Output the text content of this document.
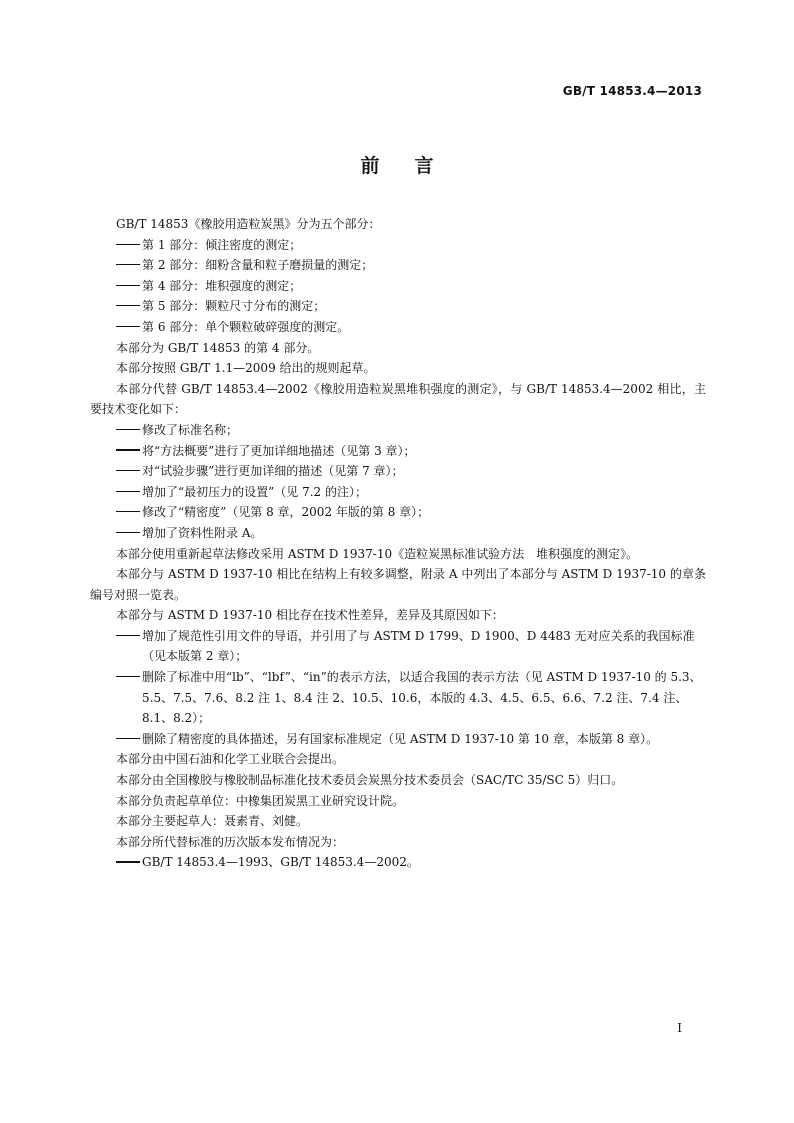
GB/T 14853.4—2013
前言

GB/T 14853《橡胶用造粒炭黑》分为五个部分：

第 1 部分：倾注密度的测定；

第 2 部分：细粉含量和粒子磨损量的测定；

第 4 部分：堆积强度的测定；

第 5 部分：颗粒尺寸分布的测定；

第 6 部分：单个颗粒破碎强度的测定。

本部分为 GB/T 14853 的第 4 部分。

本部分按照 GB/T 1.1—2009 给出的规则起草。

本部分代替 GB/T 14853.4—2002《橡胶用造粒炭黑堆积强度的测定》，与 GB/T 14853.4—2002 相比，主要技术变化如下：

修改了标准名称；

将“方法概要”进行了更加详细地描述（见第 3 章）；

对“试验步骤”进行更加详细的描述（见第 7 章）；

增加了“最初压力的设置”（见 7.2 的注）；

修改了“精密度”（见第 8 章，2002 年版的第 8 章）；

增加了资料性附录 A。

本部分使用重新起草法修改采用 ASTM D 1937-10《造粒炭黑标准试验方法　堆积强度的测定》。

本部分与 ASTM D 1937-10 相比在结构上有较多调整，附录 A 中列出了本部分与 ASTM D 1937-10 的章条编号对照一览表。

本部分与 ASTM D 1937-10 相比存在技术性差异，差异及其原因如下：

增加了规范性引用文件的导语，并引用了与 ASTM D 1799、D 1900、D 4483 无对应关系的我国标准（见本版第 2 章）；

删除了标准中用“lb”、“lbf”、“in”的表示方法，以适合我国的表示方法（见 ASTM D 1937-10 的 5.3、5.5、7.5、7.6、8.2 注 1、8.4 注 2、10.5、10.6，本版的 4.3、4.5、6.5、6.6、7.2 注、7.4 注、8.1、8.2）；

删除了精密度的具体描述，另有国家标准规定（见 ASTM D 1937-10 第 10 章，本版第 8 章）。

本部分由中国石油和化学工业联合会提出。

本部分由全国橡胶与橡胶制品标准化技术委员会炭黑分技术委员会（SAC/TC 35/SC 5）归口。

本部分负责起草单位：中橡集团炭黑工业研究设计院。

本部分主要起草人：聂素青、刘健。

本部分所代替标准的历次版本发布情况为：

GB/T 14853.4—1993、GB/T 14853.4—2002。

I
